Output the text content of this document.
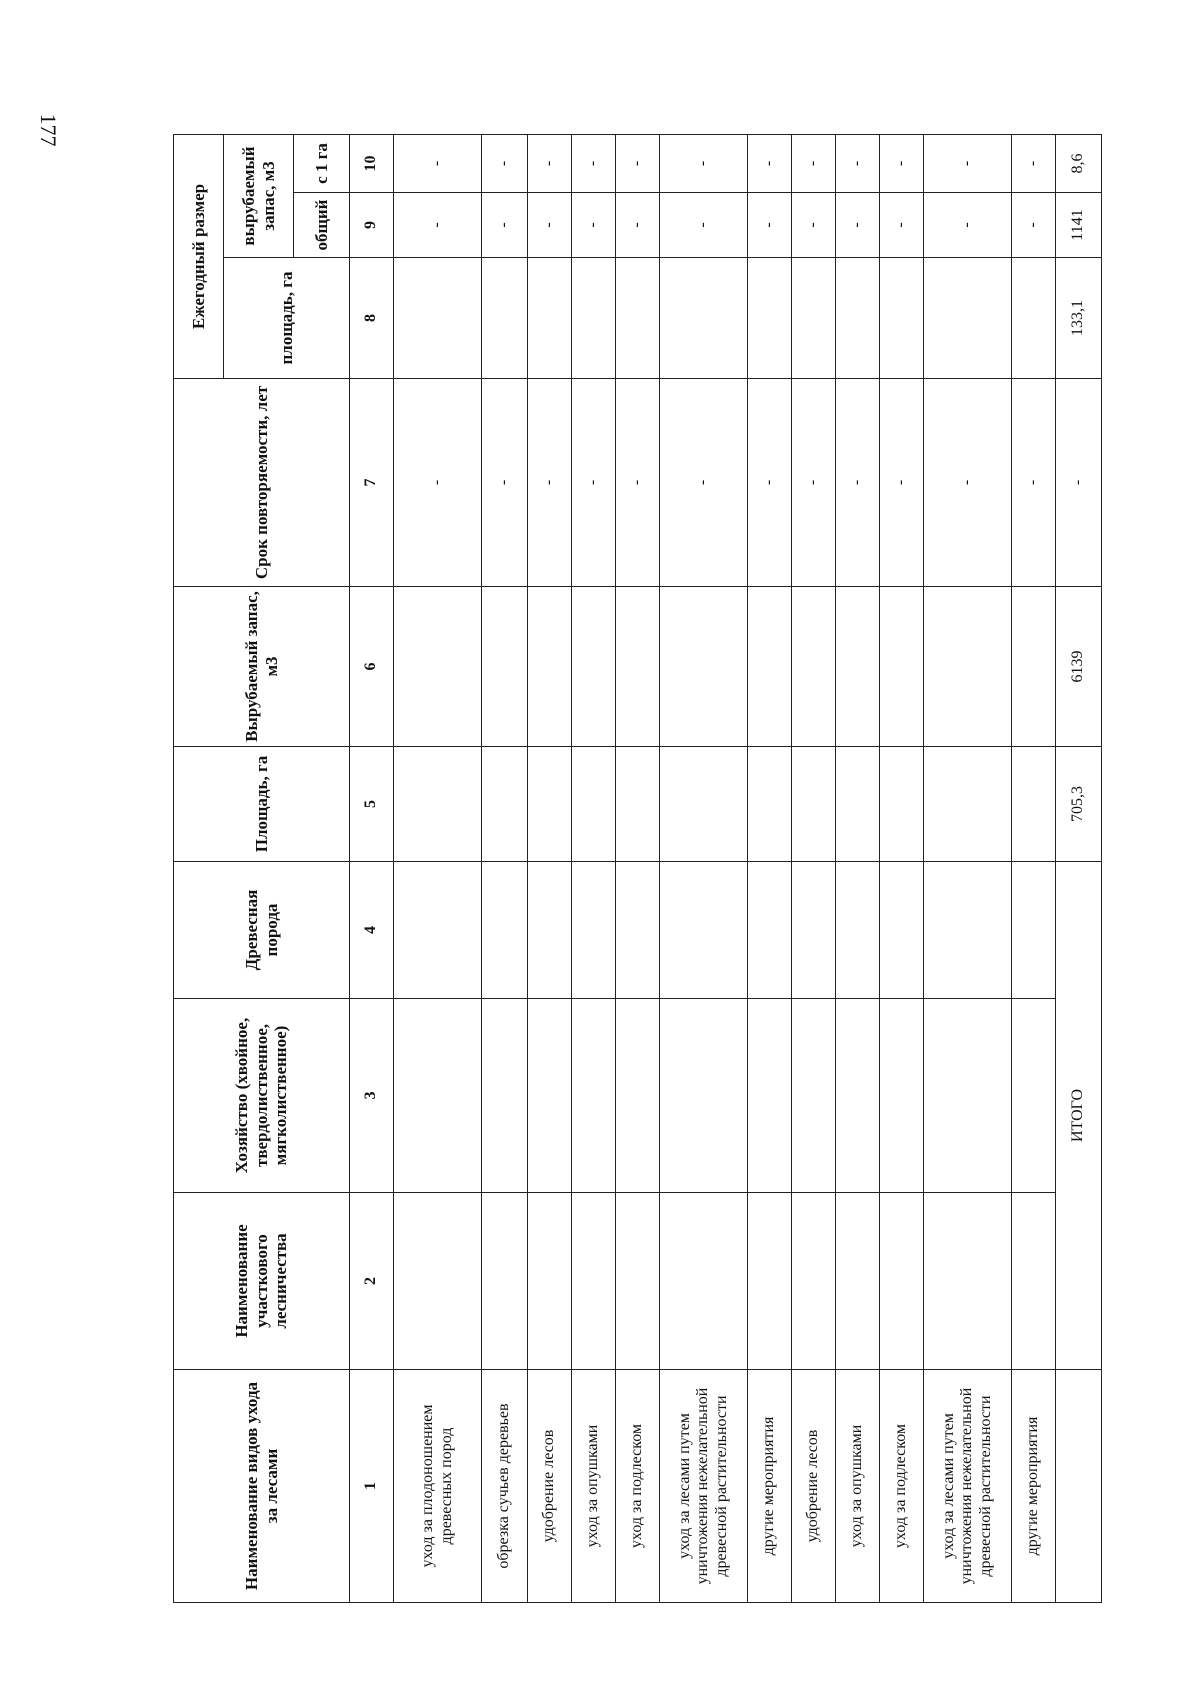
177
Наименование видов ухода за лесами	Наименование участкового лесничества	Хозяйство (хвойное, твердолиственное, мягколиственное)	Древесная порода	Площадь, га	Вырубаемый запас, м3	Срок повторяемости, лет	Ежегодный размер		
							площадь, га	вырубаемый запас, м3	
								общий	с 1 га
1	2	3	4	5	6	7	8	9	10
уход за плодоношением древесных пород						-		-	-
обрезка сучьев деревьев						-		-	-
удобрение лесов						-		-	-
уход за опушками						-		-	-
уход за подлеском						-		-	-
уход за лесами путем уничтожения нежелательной древесной растительности						-		-	-
другие мероприятия						-		-	-
удобрение лесов						-		-	-
уход за опушками						-		-	-
уход за подлеском						-		-	-
уход за лесами путем уничтожения нежелательной древесной растительности						-		-	-
другие мероприятия						-		-	-
	ИТОГО			705,3	6139	-	133,1	1141	8,6
